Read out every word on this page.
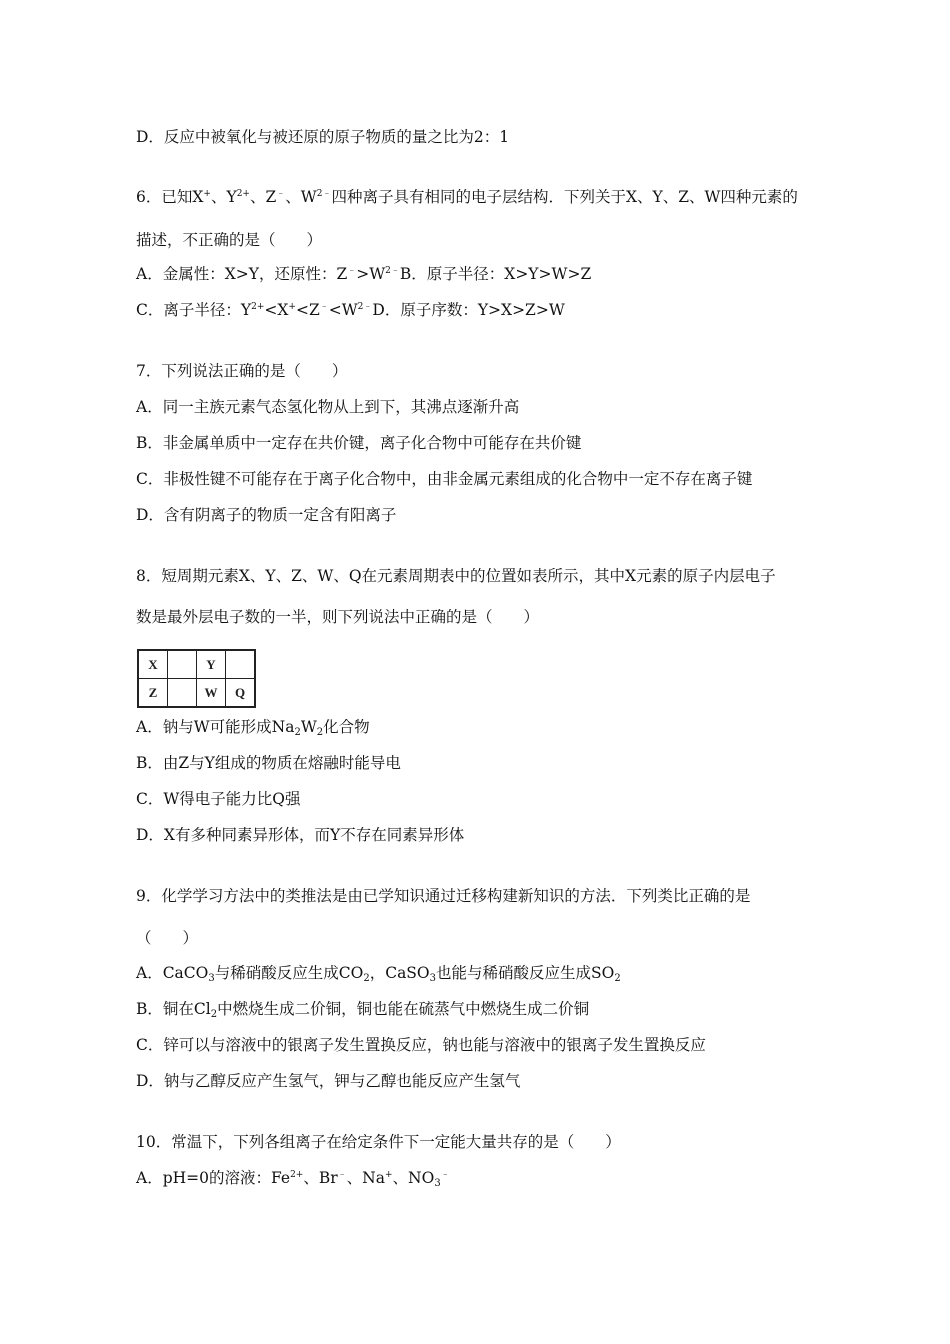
D．反应中被氧化与被还原的原子物质的量之比为2：1
6．已知X+、$Y^{2+}$、Z﹣、$W^{2﹣}$四种离子具有相同的电子层结构．下列关于X、Y、Z、W四种元素的
描述，不正确的是（　　）
A．金属性：X>Y，还原性：$Z^﹣>W^{2﹣}B$．原子半径：X>Y>W>Z
C．离子半径：$Y^{2+}<X^+<Z^﹣<W^{2﹣}D$．原子序数：Y>X>Z>W
7．下列说法正确的是（　　）
A．同一主族元素气态氢化物从上到下，其沸点逐渐升高
B．非金属单质中一定存在共价键，离子化合物中可能存在共价键
C．非极性键不可能存在于离子化合物中，由非金属元素组成的化合物中一定不存在离子键
D．含有阴离子的物质一定含有阳离子
8．短周期元素X、Y、Z、W、Q在元素周期表中的位置如表所示，其中X元素的原子内层电子
数是最外层电子数的一半，则下列说法中正确的是（　　）
X		Y	
Z		W	Q
A．钠与W可能形成$Na_2W_2$化合物
B．由Z与Y组成的物质在熔融时能导电
C．W得电子能力比Q强
D．X有多种同素异形体，而Y不存在同素异形体
9．化学学习方法中的类推法是由已学知识通过迁移构建新知识的方法．下列类比正确的是
（　　）
A．CaCO$_3$与稀硝酸反应生成$CO_2$，CaSO$_3$也能与稀硝酸反应生成$SO_2$
B．铜在$Cl_2$中燃烧生成二价铜，铜也能在硫蒸气中燃烧生成二价铜
C．锌可以与溶液中的银离子发生置换反应，钠也能与溶液中的银离子发生置换反应
D．钠与乙醇反应产生氢气，钾与乙醇也能反应产生氢气
10．常温下，下列各组离子在给定条件下一定能大量共存的是（　　）
A．pH=0的溶液：$Fe^{2+}$、Br﹣、Na+、$NO_3^﹣$
